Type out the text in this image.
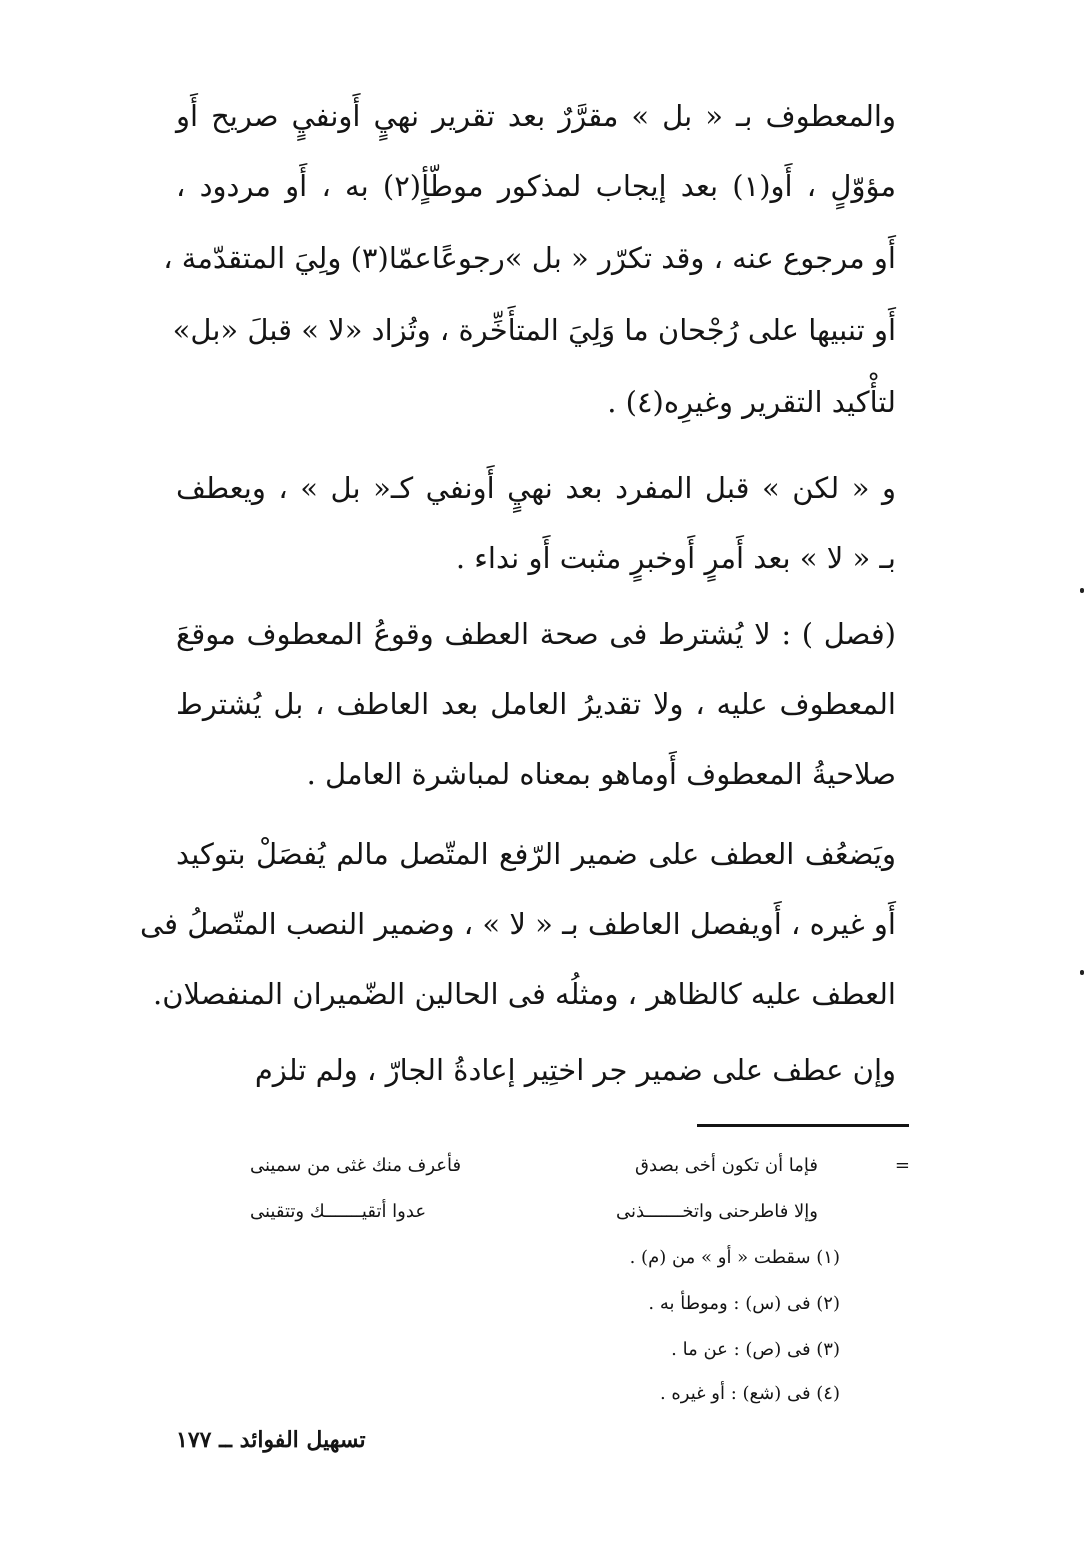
والمعطوف بـ « بل » مقرَّرٌ بعد تقرير نهيٍ أَونفيٍ صريح أَو
مؤوّلٍ ، أَو(١) بعد إيجاب لمذكور موطّأٍ(٢) به ، أَو مردود ،
أَو مرجوع عنه ، وقد تكرّر « بل »رجوعًاعمّا(٣) ولِيَ المتقدّمة ،
أَو تنبيها على رُجْحان ما وَلِيَ المتأَخِّرة ، وتُزاد «لا » قبلَ «بل»
لتأْكيد التقرير وغيرِه(٤) .
و « لكن » قبل المفرد بعد نهيٍ أَونفي كـ« بل » ، ويعطف
بـ « لا » بعد أَمرٍ أَوخبرٍ مثبت أَو نداء .
(فصل ) : لا يُشترط فى صحة العطف وقوعُ المعطوف موقعَ
المعطوف عليه ، ولا تقديرُ العامل بعد العاطف ، بل يُشترط
صلاحيةُ المعطوف أَوماهو بمعناه لمباشرة العامل .
ويَضعُف العطف على ضمير الرّفع المتّصل مالم يُفصَلْ بتوكيد
أَو غيره ، أَويفصل العاطف بـ « لا » ، وضمير النصب المتّصلُ فى
العطف عليه كالظاهر ، ومثلُه فى الحالين الضّميران المنفصلان.
وإن عطف على ضمير جر اختِير إعادةُ الجارّ ، ولم تلزم
=
فإما أن تكون أخى بصدق
فأعرف منك غثى من سمينى
وإلا فاطرحنى واتخـــــــذنى
عدوا أتقيـــــــك وتتقينى
(١) سقطت « أو » من (م) .
(٢) فى (س) : وموطأ به .
(٣) فى (ص) : عن ما .
(٤) فى (شع) : أو غيره .
تسهيل الفوائد ــ ١٧٧
